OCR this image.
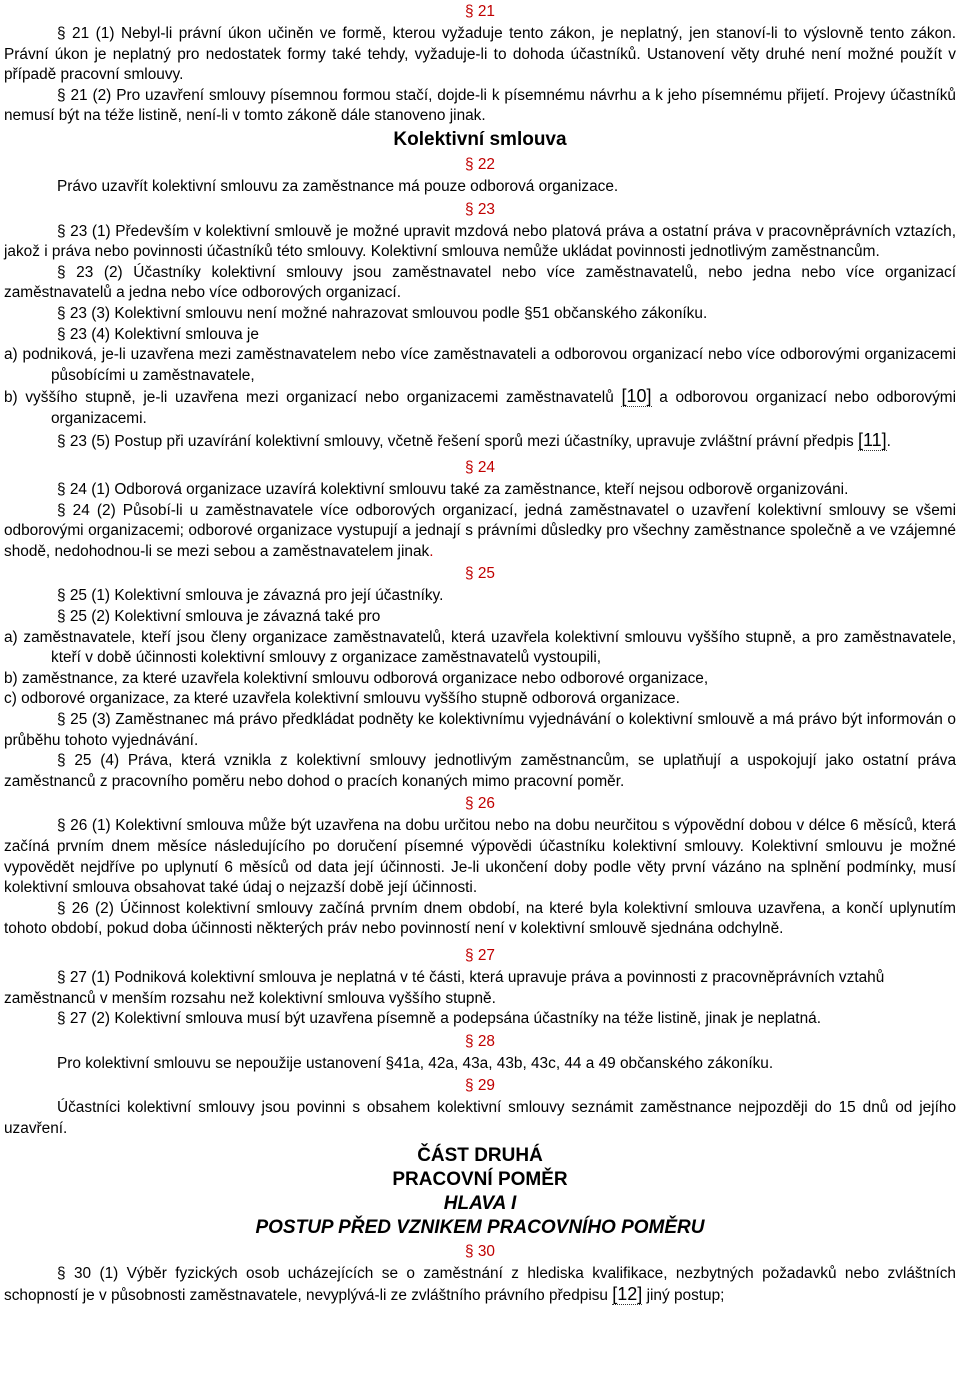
§ 21

§ 21 (1) Nebyl-li právní úkon učiněn ve formě, kterou vyžaduje tento zákon, je neplatný, jen stanoví-li to výslovně tento zákon. Právní úkon je neplatný pro nedostatek formy také tehdy, vyžaduje-li to dohoda účastníků. Ustanovení věty druhé není možné použít v případě pracovní smlouvy.

§ 21 (2) Pro uzavření smlouvy písemnou formou stačí, dojde-li k písemnému návrhu a k jeho písemnému přijetí. Projevy účastníků nemusí být na téže listině, není-li v tomto zákoně dále stanoveno jinak.

Kolektivní smlouva

§ 22

Právo uzavřít kolektivní smlouvu za zaměstnance má pouze odborová organizace.

§ 23

§ 23 (1) Především v kolektivní smlouvě je možné upravit mzdová nebo platová práva a ostatní práva v pracovněprávních vztazích, jakož i práva nebo povinnosti účastníků této smlouvy. Kolektivní smlouva nemůže ukládat povinnosti jednotlivým zaměstnancům.

§ 23 (2) Účastníky kolektivní smlouvy jsou zaměstnavatel nebo více zaměstnavatelů, nebo jedna nebo více organizací zaměstnavatelů a jedna nebo více odborových organizací.

§ 23 (3) Kolektivní smlouvu není možné nahrazovat smlouvou podle §51 občanského zákoníku.

§ 23 (4) Kolektivní smlouva je

a) podniková, je-li uzavřena mezi zaměstnavatelem nebo více zaměstnavateli a odborovou organizací nebo více odborovými organizacemi působícími u zaměstnavatele,

b) vyššího stupně, je-li uzavřena mezi organizací nebo organizacemi zaměstnavatelů [10] a odborovou organizací nebo odborovými organizacemi.

§ 23 (5) Postup při uzavírání kolektivní smlouvy, včetně řešení sporů mezi účastníky, upravuje zvláštní právní předpis [11].

§ 24

§ 24 (1) Odborová organizace uzavírá kolektivní smlouvu také za zaměstnance, kteří nejsou odborově organizováni.

§ 24 (2) Působí-li u zaměstnavatele více odborových organizací, jedná zaměstnavatel o uzavření kolektivní smlouvy se všemi odborovými organizacemi; odborové organizace vystupují a jednají s právními důsledky pro všechny zaměstnance společně a ve vzájemné shodě, nedohodnou-li se mezi sebou a zaměstnavatelem jinak.

§ 25

§ 25 (1) Kolektivní smlouva je závazná pro její účastníky.

§ 25 (2) Kolektivní smlouva je závazná také pro

a) zaměstnavatele, kteří jsou členy organizace zaměstnavatelů, která uzavřela kolektivní smlouvu vyššího stupně, a pro zaměstnavatele, kteří v době účinnosti kolektivní smlouvy z organizace zaměstnavatelů vystoupili,

b) zaměstnance, za které uzavřela kolektivní smlouvu odborová organizace nebo odborové organizace,

c) odborové organizace, za které uzavřela kolektivní smlouvu vyššího stupně odborová organizace.

§ 25 (3) Zaměstnanec má právo předkládat podněty ke kolektivnímu vyjednávání o kolektivní smlouvě a má právo být informován o průběhu tohoto vyjednávání.

§ 25 (4) Práva, která vznikla z kolektivní smlouvy jednotlivým zaměstnancům, se uplatňují a uspokojují jako ostatní práva zaměstnanců z pracovního poměru nebo dohod o pracích konaných mimo pracovní poměr.

§ 26

§ 26 (1) Kolektivní smlouva může být uzavřena na dobu určitou nebo na dobu neurčitou s výpovědní dobou v délce 6 měsíců, která začíná prvním dnem měsíce následujícího po doručení písemné výpovědi účastníku kolektivní smlouvy. Kolektivní smlouvu je možné vypovědět nejdříve po uplynutí 6 měsíců od data její účinnosti. Je-li ukončení doby podle věty první vázáno na splnění podmínky, musí kolektivní smlouva obsahovat také údaj o nejzazší době její účinnosti.

§ 26 (2) Účinnost kolektivní smlouvy začíná prvním dnem období, na které byla kolektivní smlouva uzavřena, a končí uplynutím tohoto období, pokud doba účinnosti některých práv nebo povinností není v kolektivní smlouvě sjednána odchylně.

§ 27

§ 27 (1) Podniková kolektivní smlouva je neplatná v té části, která upravuje práva a povinnosti z pracovněprávních vztahů zaměstnanců v menším rozsahu než kolektivní smlouva vyššího stupně.

§ 27 (2) Kolektivní smlouva musí být uzavřena písemně a podepsána účastníky na téže listině, jinak je neplatná.

§ 28

Pro kolektivní smlouvu se nepoužije ustanovení §41a, 42a, 43a, 43b, 43c, 44 a 49 občanského zákoníku.

§ 29

Účastníci kolektivní smlouvy jsou povinni s obsahem kolektivní smlouvy seznámit zaměstnance nejpozději do 15 dnů od jejího uzavření.

ČÁST DRUHÁ

PRACOVNÍ POMĚR

HLAVA I

POSTUP PŘED VZNIKEM PRACOVNÍHO POMĚRU

§ 30

§ 30 (1) Výběr fyzických osob ucházejících se o zaměstnání z hlediska kvalifikace, nezbytných požadavků nebo zvláštních schopností je v působnosti zaměstnavatele, nevyplývá-li ze zvláštního právního předpisu [12] jiný postup;
